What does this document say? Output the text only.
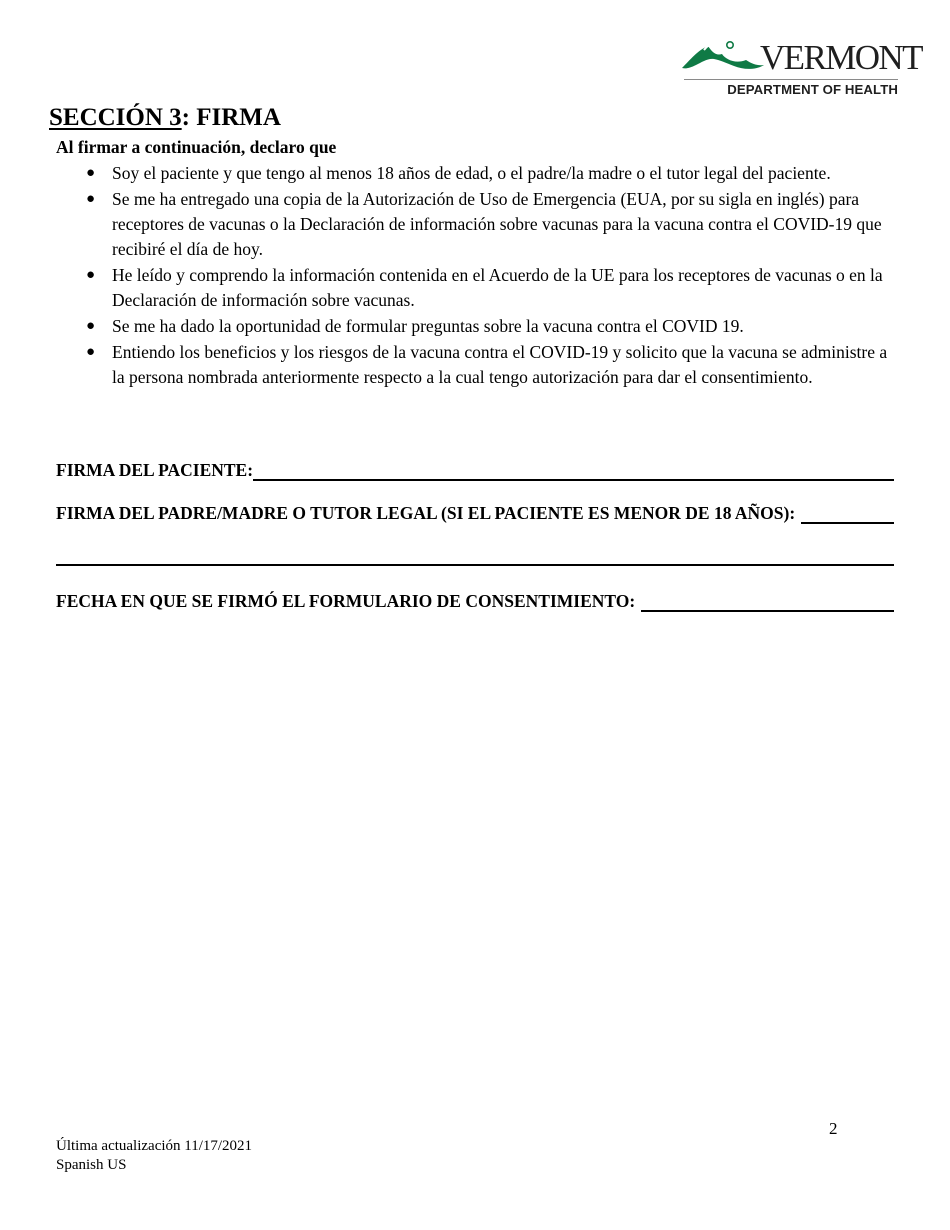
VERMONT
DEPARTMENT OF HEALTH
SECCIÓN 3: FIRMA
Al firmar a continuación, declaro que
● Soy el paciente y que tengo al menos 18 años de edad, o el padre/la madre o el tutor legal del paciente.
● Se me ha entregado una copia de la Autorización de Uso de Emergencia (EUA, por su sigla en inglés) para receptores de vacunas o la Declaración de información sobre vacunas para la vacuna contra el COVID-19 que recibiré el día de hoy.
● He leído y comprendo la información contenida en el Acuerdo de la UE para los receptores de vacunas o en la Declaración de información sobre vacunas.
● Se me ha dado la oportunidad de formular preguntas sobre la vacuna contra el COVID 19.
● Entiendo los beneficios y los riesgos de la vacuna contra el COVID-19 y solicito que la vacuna se administre a la persona nombrada anteriormente respecto a la cual tengo autorización para dar el consentimiento.
FIRMA DEL PACIENTE:
FIRMA DEL PADRE/MADRE O TUTOR LEGAL (SI EL PACIENTE ES MENOR DE 18 AÑOS):
FECHA EN QUE SE FIRMÓ EL FORMULARIO DE CONSENTIMIENTO:
2
Última actualización 11/17/2021
Spanish US
